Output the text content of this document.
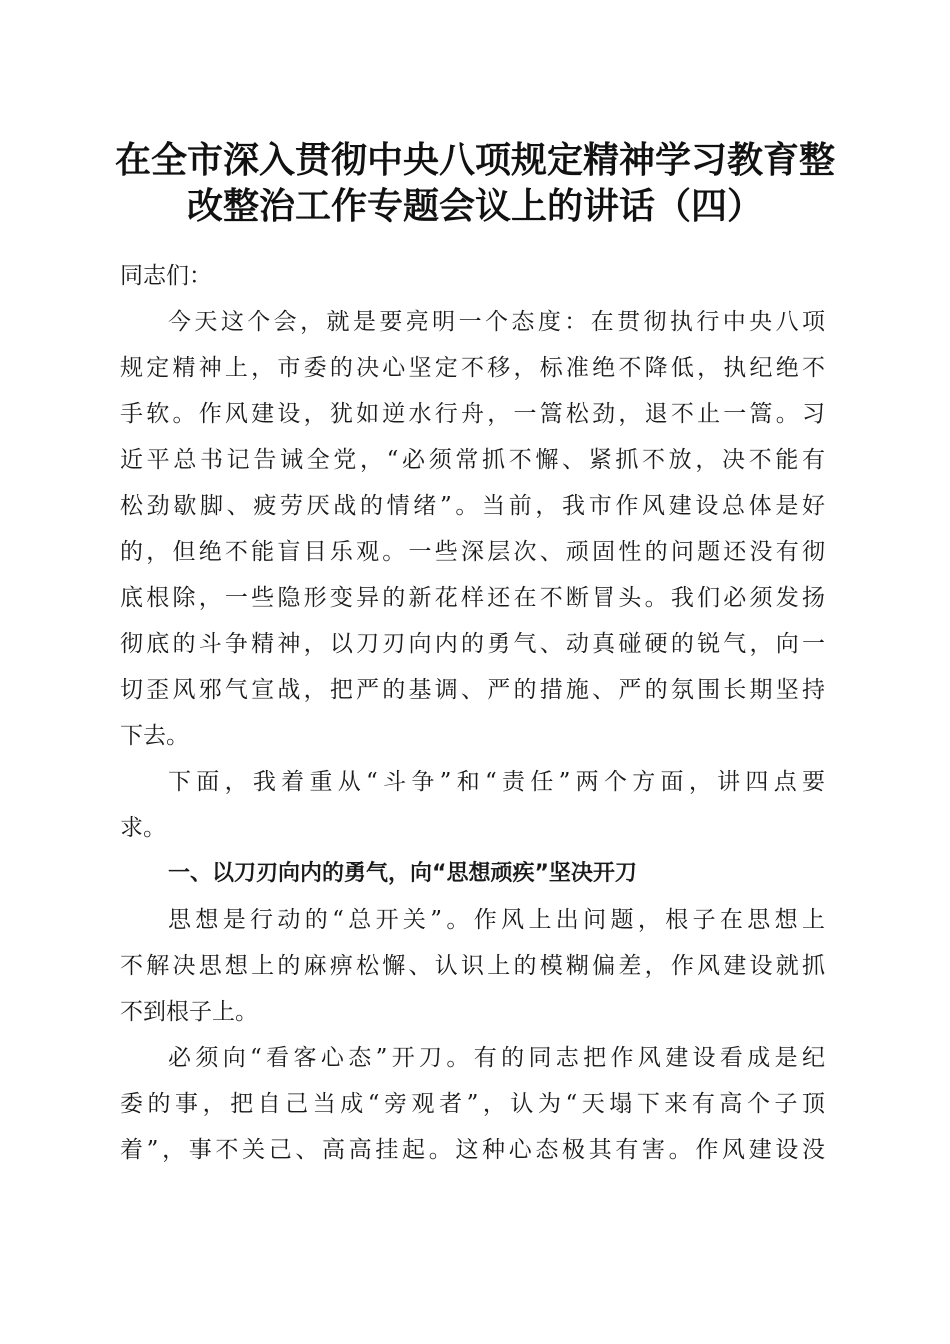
在全市深入贯彻中央八项规定精神学习教育整
改整治工作专题会议上的讲话（四）
同志们：
今天这个会，就是要亮明一个态度：在贯彻执行中央八项
规定精神上，市委的决心坚定不移，标准绝不降低，执纪绝不
手软。作风建设，犹如逆水行舟，一篙松劲，退不止一篙。习
近平总书记告诫全党，“必须常抓不懈、紧抓不放，决不能有
松劲歇脚、疲劳厌战的情绪”。当前，我市作风建设总体是好
的，但绝不能盲目乐观。一些深层次、顽固性的问题还没有彻
底根除，一些隐形变异的新花样还在不断冒头。我们必须发扬
彻底的斗争精神，以刀刃向内的勇气、动真碰硬的锐气，向一
切歪风邪气宣战，把严的基调、严的措施、严的氛围长期坚持
下去。
下面，我着重从“斗争”和“责任”两个方面，讲四点要
求。
一、以刀刃向内的勇气，向“思想顽疾”坚决开刀
思想是行动的“总开关”。作风上出问题，根子在思想上
不解决思想上的麻痹松懈、认识上的模糊偏差，作风建设就抓
不到根子上。
必须向“看客心态”开刀。有的同志把作风建设看成是纪
委的事，把自己当成“旁观者”，认为“天塌下来有高个子顶
着”，事不关己、高高挂起。这种心态极其有害。作风建设没
